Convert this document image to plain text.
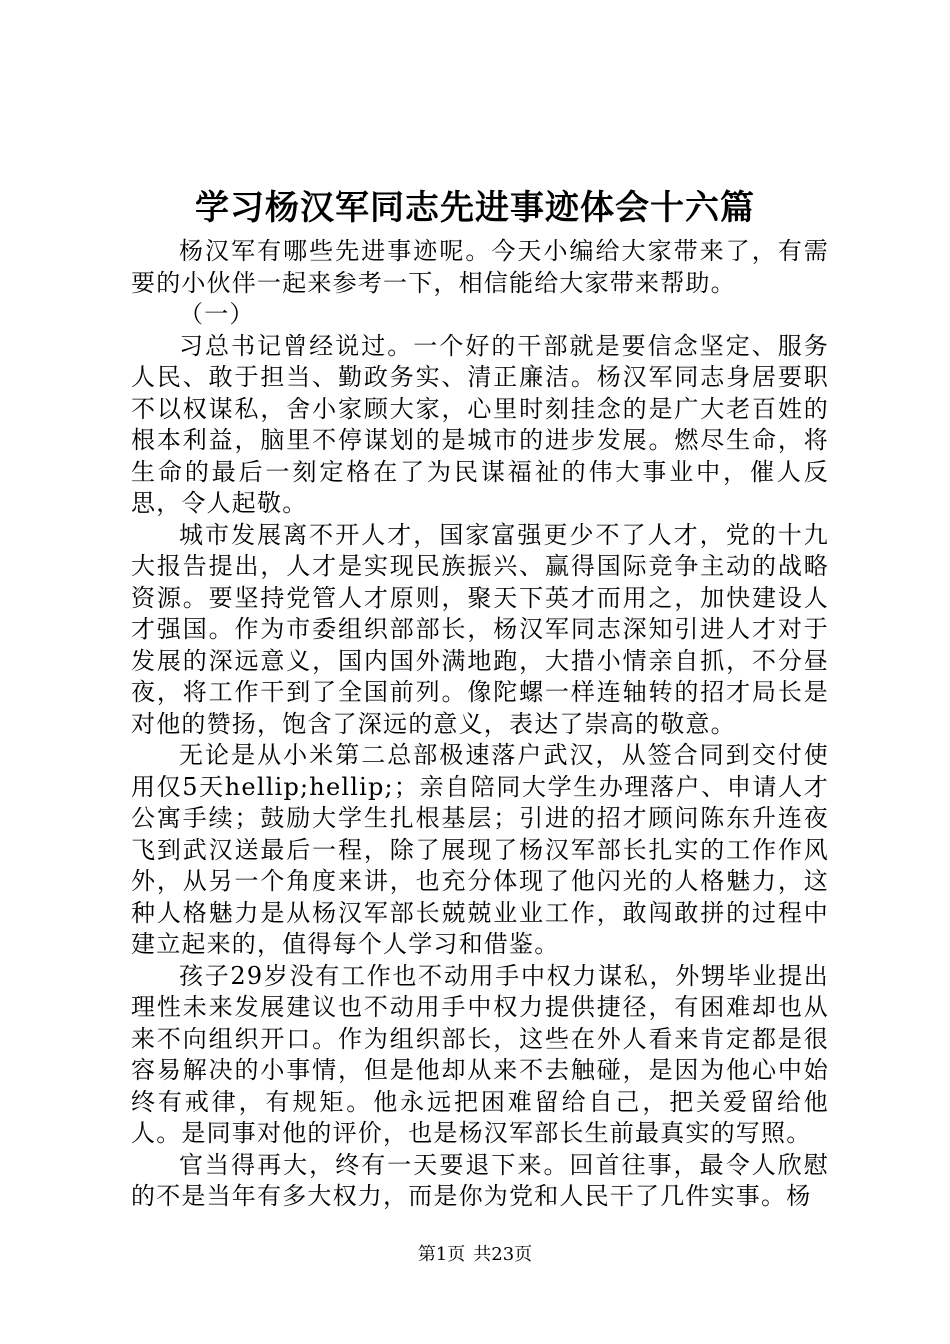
学习杨汉军同志先进事迹体会十六篇

杨汉军有哪些先进事迹呢。今天小编给大家带来了，有需要的小伙伴一起来参考一下，相信能给大家带来帮助。

（一）

习总书记曾经说过。一个好的干部就是要信念坚定、服务人民、敢于担当、勤政务实、清正廉洁。杨汉军同志身居要职不以权谋私，舍小家顾大家，心里时刻挂念的是广大老百姓的根本利益，脑里不停谋划的是城市的进步发展。燃尽生命，将生命的最后一刻定格在了为民谋福祉的伟大事业中，催人反思，令人起敬。

城市发展离不开人才，国家富强更少不了人才，党的十九大报告提出，人才是实现民族振兴、赢得国际竞争主动的战略资源。要坚持党管人才原则，聚天下英才而用之，加快建设人才强国。作为市委组织部部长，杨汉军同志深知引进人才对于发展的深远意义，国内国外满地跑，大措小情亲自抓，不分昼夜，将工作干到了全国前列。像陀螺一样连轴转的招才局长是对他的赞扬，饱含了深远的意义，表达了崇高的敬意。

无论是从小米第二总部极速落户武汉，从签合同到交付使用仅5天hellip;hellip;；亲自陪同大学生办理落户、申请人才公寓手续；鼓励大学生扎根基层；引进的招才顾问陈东升连夜飞到武汉送最后一程，除了展现了杨汉军部长扎实的工作作风外，从另一个角度来讲，也充分体现了他闪光的人格魅力，这种人格魅力是从杨汉军部长兢兢业业工作，敢闯敢拼的过程中建立起来的，值得每个人学习和借鉴。

孩子29岁没有工作也不动用手中权力谋私，外甥毕业提出理性未来发展建议也不动用手中权力提供捷径，有困难却也从来不向组织开口。作为组织部长，这些在外人看来肯定都是很容易解决的小事情，但是他却从来不去触碰，是因为他心中始终有戒律，有规矩。他永远把困难留给自己，把关爱留给他人。是同事对他的评价，也是杨汉军部长生前最真实的写照。

官当得再大，终有一天要退下来。回首往事，最令人欣慰的不是当年有多大权力，而是你为党和人民干了几件实事。杨

第1页 共23页
